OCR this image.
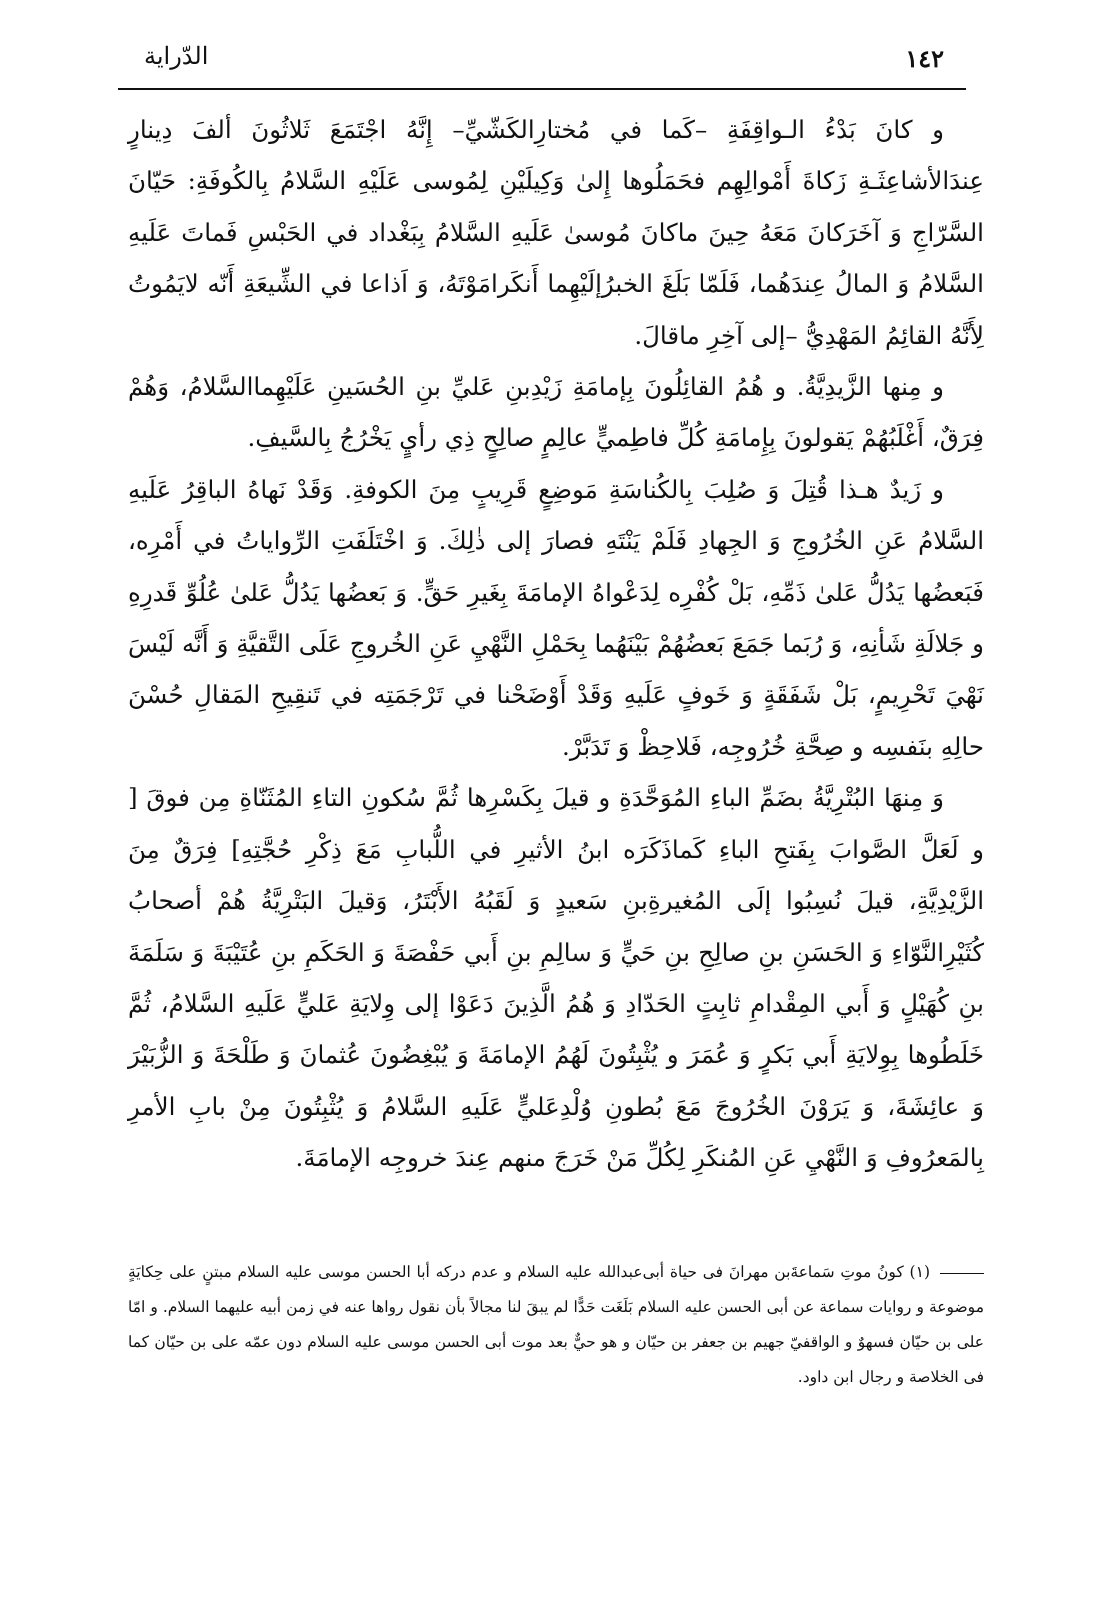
١٤٢
الدّراية

و كانَ بَدْءُ الـواقِفَةِ –كَما في مُختارِالكَشّيِّ– إِنَّهُ اجْتَمَعَ ثَلاثُونَ ألفَ دِينارٍ عِندَالأشاعِثَـةِ زَكاةَ أَمْوالِهِم فحَمَلُوها إِلىٰ وَكِيلَيْنِ لِمُوسى عَلَيْهِ السَّلامُ بِالكُوفَةِ: حَيّانَ السَّرّاجِ وَ آخَرَكانَ مَعَهُ حِينَ ماكانَ مُوسىٰ عَلَيهِ السَّلامُ بِبَغْداد في الحَبْسِ فَماتَ عَلَيهِ السَّلامُ وَ المالُ عِندَهُما، فَلَمّا بَلَغَ الخبرُإلَيْهِما أَنكَرامَوْتَهُ، وَ اَذاعا في الشِّيعَةِ أَنّه لايَمُوتُ لِأَنَّهُ القائِمُ المَهْدِيُّ –إلى آخِرِ ماقالَ.

و مِنها الزَّيدِيَّةُ. و هُمُ القائِلُونَ بِإمامَةِ زَيْدِبنِ عَليِّ بنِ الحُسَينِ عَلَيْهِماالسَّلامُ، وَهُمْ فِرَقٌ، أَغْلَبُهُمْ يَقولونَ بِإِمامَةِ كُلِّ فاطِميٍّ عالِمٍ صالِحٍ ذِي رأيٍ يَخْرُجُ بِالسَّيفِ.

و زَيدٌ هـذا قُتِلَ وَ صُلِبَ بِالكُناسَةِ مَوضِعٍ قَرِيبٍ مِنَ الكوفةِ. وَقَدْ نَهاهُ الباقِرُ عَلَيهِ السَّلامُ عَنِ الخُرُوجِ وَ الجِهادِ فَلَمْ يَنْتَهِ فصارَ إلى ذٰلِكَ. وَ اخْتَلَفَتِ الرِّواياتُ في أَمْرِه، فَبَعضُها يَدُلُّ عَلىٰ ذَمِّهِ، بَلْ كُفْرِه لِدَعْواهُ الإمامَةَ بِغَيرِ حَقٍّ. وَ بَعضُها يَدُلُّ عَلىٰ عُلُوِّ قَدرِهِ و جَلالَةِ شَأنِهِ، وَ رُبَما جَمَعَ بَعضُهُمْ بَيْنَهُما بِحَمْلِ النَّهْيِ عَنِ الخُروجِ عَلَى التَّقيَّةِ وَ أَنَّه لَيْسَ نَهْيَ تَحْرِيمٍ، بَلْ شَفَقَةٍ وَ خَوفٍ عَلَيهِ وَقَدْ أَوْضَحْنا في تَرْجَمَتِه في تَنقِيحِ المَقالِ حُسْنَ حالِهِ بنَفسِه و صِحَّةِ خُرُوجِه، فَلاحِظْ وَ تَدَبَّرْ.

وَ مِنهَا البُتْرِيَّةُ بضَمِّ الباءِ المُوَحَّدَةِ و قيلَ بِكَسْرِها ثُمَّ سُكونِ التاءِ المُثَنّاةِ مِن فوقَ [ و لَعَلَّ الصَّوابَ بِفَتحِ الباءِ كَماذَكَرَه ابنُ الأثيرِ في اللُّبابِ مَعَ ذِكْرِ حُجَّتِهِ] فِرَقٌ مِنَ الزَّيْدِيَّةِ، قيلَ نُسِبُوا إلَى المُغيرةِبنِ سَعيدٍ وَ لَقَبُهُ الأَبْتَرُ، وَقيلَ البَتْرِيَّةُ هُمْ أصحابُ كُثَيْرِالنَّوّاءِ وَ الحَسَنِ بنِ صالِحِ بنِ حَيٍّ وَ سالِمِ بنِ أَبي حَفْصَةَ وَ الحَكَمِ بنِ عُتَيْبَةَ وَ سَلَمَةَ بنِ كُهَيْلٍ وَ أَبي المِقْدامِ ثابِتٍ الحَدّادِ وَ هُمُ الَّذِينَ دَعَوْا إلى وِلايَةِ عَليٍّ عَلَيهِ السَّلامُ، ثُمَّ خَلَطُوها بِوِلايَةِ أَبي بَكرٍ وَ عُمَرَ و يُثْبِتُونَ لَهُمُ الإمامَةَ وَ يُبْغِضُونَ عُثمانَ وَ طَلْحَةَ وَ الزُّبَيْرَ وَ عائِشَةَ، وَ يَرَوْنَ الخُرُوجَ مَعَ بُطونِ وُلْدِعَليٍّ عَلَيهِ السَّلامُ وَ يُثْبِتُونَ مِنْ بابِ الأمرِ بِالمَعرُوفِ وَ النَّهْيِ عَنِ المُنكَرِ لِكُلِّ مَنْ خَرَجَ منهم عِندَ خروجِه الإمامَةَ.

(١) كونُ موتِ سَماعةَبن مهرانَ فى حياة أبى‌عبدالله عليه السلام و عدم دركه أبا الحسن موسى عليه السلام مبتنٍ على حِكايَةٍ موضوعة و روايات سماعة عن أبى الحسن عليه السلام بَلَغَت حَدًّا لم يبقَ لنا مجالاً بأن نقول رواها عنه في زمن أبيه عليهما السلام. و امّا على بن حيّان فسهوٌ و الواقفيّ جهيم بن جعفر بن حيّان و هو حيٌّ بعد موت أبى الحسن موسى عليه السلام دون عمّه على بن حيّان كما فى الخلاصة و رجال ابن داود.
